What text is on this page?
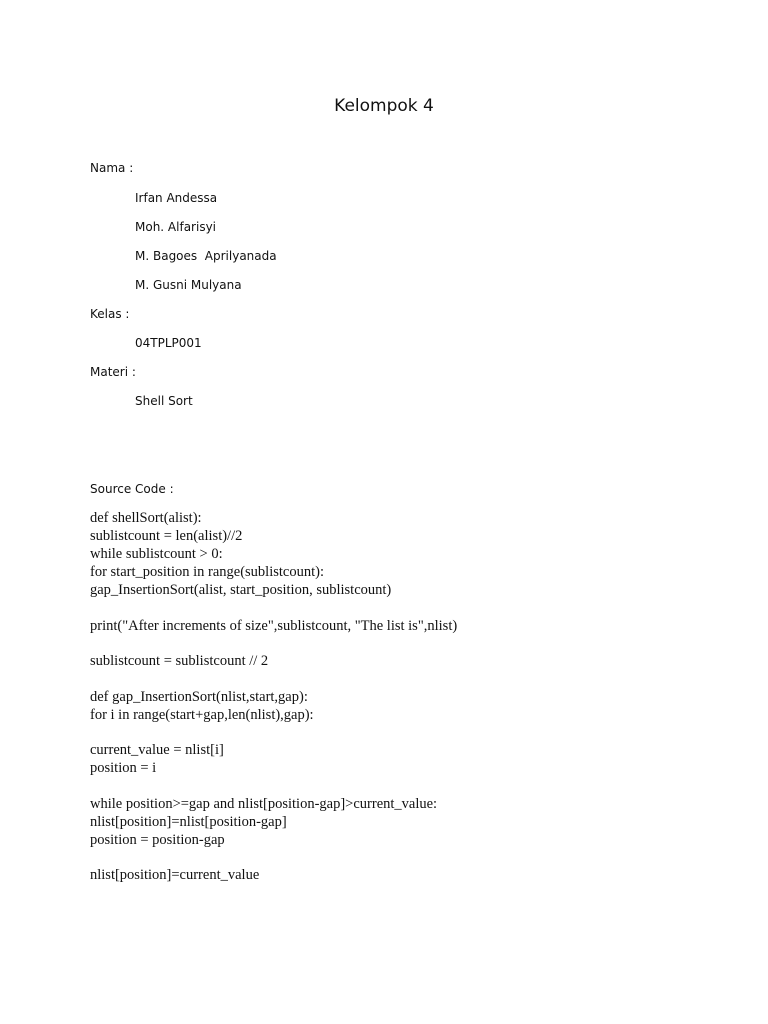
Kelompok 4
Nama :
Irfan Andessa
Moh. Alfarisyi
M. Bagoes  Aprilyanada
M. Gusni Mulyana
Kelas :
04TPLP001
Materi :
Shell Sort
Source Code :
def shellSort(alist):
sublistcount = len(alist)//2
while sublistcount > 0:
for start_position in range(sublistcount):
gap_InsertionSort(alist, start_position, sublistcount)
print("After increments of size",sublistcount, "The list is",nlist)
sublistcount = sublistcount // 2
def gap_InsertionSort(nlist,start,gap):
for i in range(start+gap,len(nlist),gap):
current_value = nlist[i]
position = i
while position>=gap and nlist[position-gap]>current_value:
nlist[position]=nlist[position-gap]
position = position-gap
nlist[position]=current_value
